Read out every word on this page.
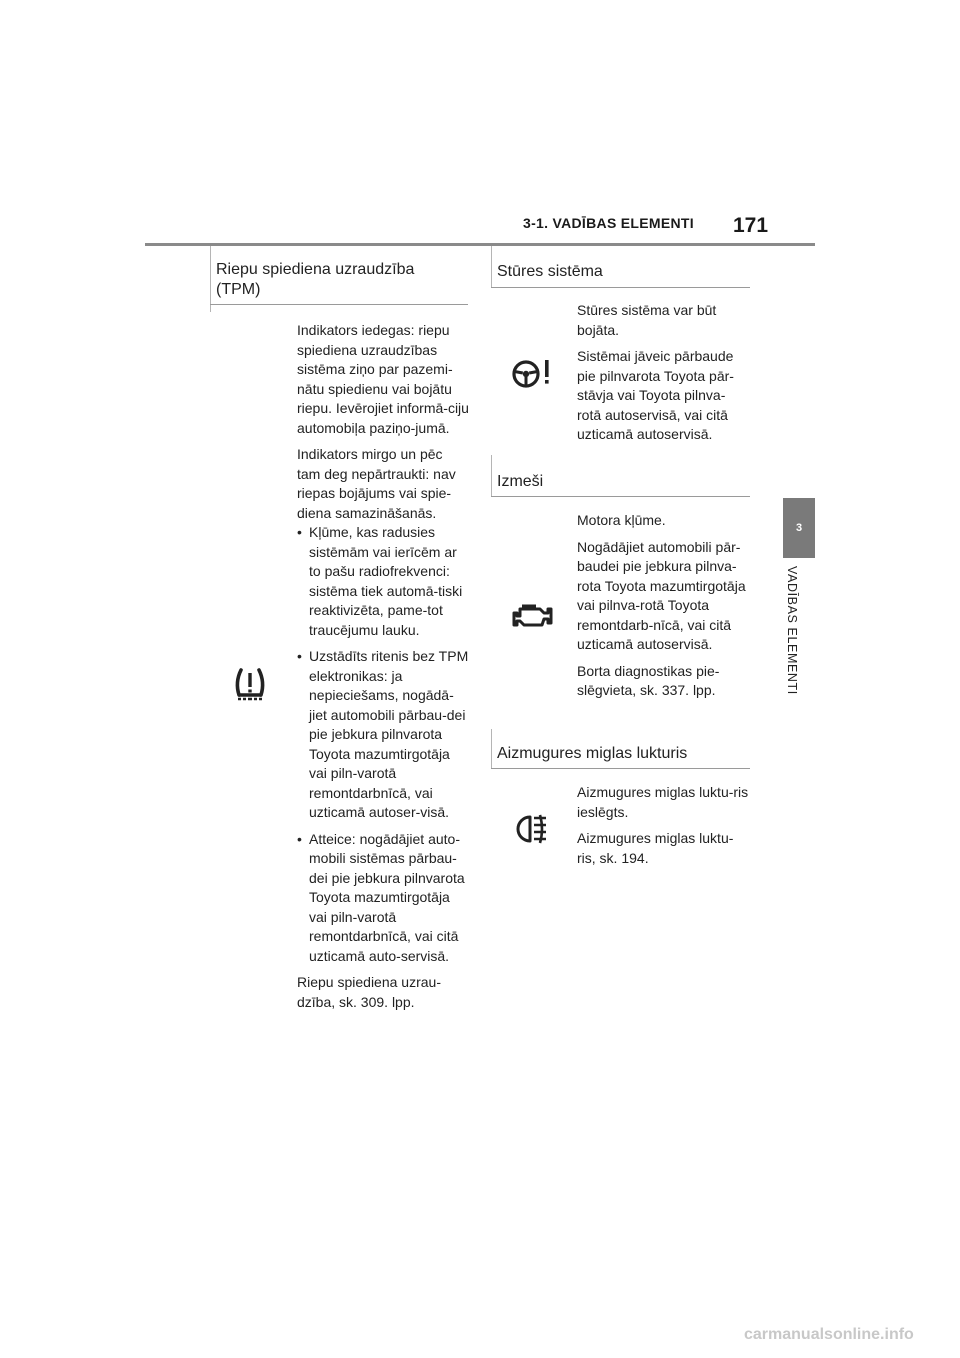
3-1. VADĪBAS ELEMENTI 171
3
VADĪBAS ELEMENTI
Riepu spiediena uzraudzība
(TPM)

Indikators iedegas: riepu spiediena uzraudzības sistēma ziņo par pazemi-nātu spiedienu vai bojātu riepu. Ievērojiet informā-ciju automobiļa paziņo-jumā.

Indikators mirgo un pēc tam deg nepārtraukti: nav riepas bojājums vai spie-diena samazināšanās.

• Kļūme, kas radusies sistēmām vai ierīcēm ar to pašu radiofrekvenci: sistēma tiek automā-tiski reaktivizēta, pame-tot traucējumu lauku.

• Uzstādīts ritenis bez TPM elektronikas: ja nepieciešams, nogādā-jiet automobili pārbau-dei pie jebkura pilnvarota Toyota mazumtirgotāja vai piln-varotā remontdarbnīcā, vai uzticamā autoser-visā.

• Atteice: nogādājiet auto-mobili sistēmas pārbau-dei pie jebkura pilnvarota Toyota mazumtirgotāja vai piln-varotā remontdarbnīcā, vai citā uzticamā auto-servisā.

Riepu spiediena uzrau-dzība, sk. 309. lpp.

Stūres sistēma

Stūres sistēma var būt bojāta.

Sistēmai jāveic pārbaude pie pilnvarota Toyota pār-stāvja vai Toyota pilnva-rotā autoservisā, vai citā uzticamā autoservisā.

Izmeši

Motora kļūme.

Nogādājiet automobili pār-baudei pie jebkura pilnva-rota Toyota mazumtirgotāja vai pilnva-rotā Toyota remontdarb-nīcā, vai citā uzticamā autoservisā.

Borta diagnostikas pie-slēgvieta, sk. 337. lpp.

Aizmugures miglas lukturis

Aizmugures miglas luktu-ris ieslēgts.

Aizmugures miglas luktu-ris, sk. 194.

carmanualsonline.info
